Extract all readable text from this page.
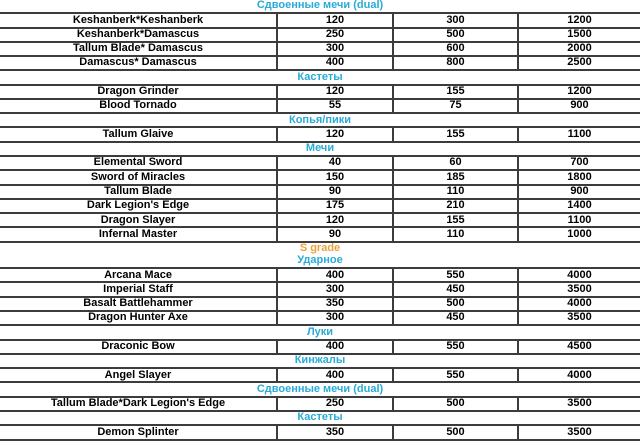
Сдвоенные мечи (dual)			
Keshanberk*Keshanberk	120	300	1200
Keshanberk*Damascus	250	500	1500
Tallum Blade* Damascus	300	600	2000
Damascus* Damascus	400	800	2500
Кастеты			
Dragon Grinder	120	155	1200
Blood Tornado	55	75	900
Копья/пики			
Tallum Glaive	120	155	1100
Мечи			
Elemental Sword	40	60	700
Sword of Miracles	150	185	1800
Tallum Blade	90	110	900
Dark Legion's Edge	175	210	1400
Dragon Slayer	120	155	1100
Infernal Master	90	110	1000
S grade			
Ударное			
Arcana Mace	400	550	4000
Imperial Staff	300	450	3500
Basalt Battlehammer	350	500	4000
Dragon Hunter Axe	300	450	3500
Луки			
Draconic Bow	400	550	4500
Кинжалы			
Angel Slayer	400	550	4000
Сдвоенные мечи (dual)			
Tallum Blade*Dark Legion's Edge	250	500	3500
Кастеты			
Demon Splinter	350	500	3500
